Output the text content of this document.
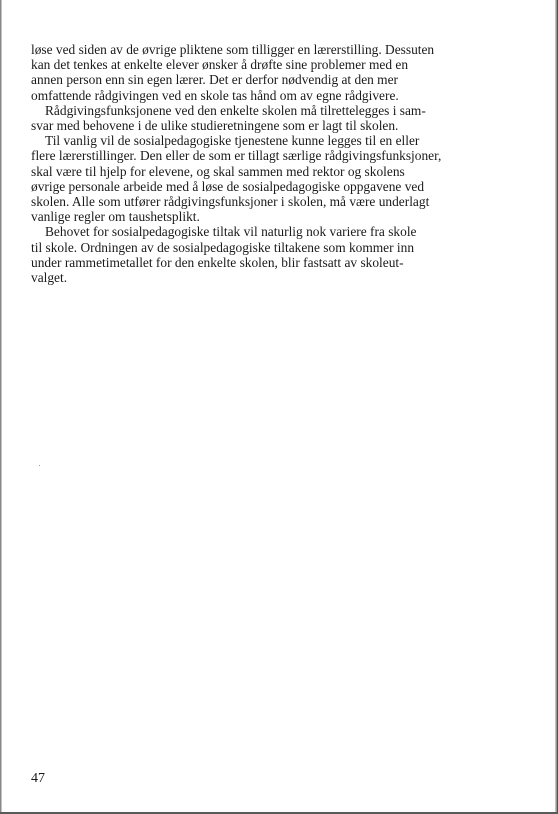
løse ved siden av de øvrige pliktene som tilligger en lærerstilling. Dessuten
kan det tenkes at enkelte elever ønsker å drøfte sine problemer med en
annen person enn sin egen lærer. Det er derfor nødvendig at den mer
omfattende rådgivingen ved en skole tas hånd om av egne rådgivere.
Rådgivingsfunksjonene ved den enkelte skolen må tilrettelegges i sam-
svar med behovene i de ulike studieretningene som er lagt til skolen.
Til vanlig vil de sosialpedagogiske tjenestene kunne legges til en eller
flere lærerstillinger. Den eller de som er tillagt særlige rådgivingsfunksjoner,
skal være til hjelp for elevene, og skal sammen med rektor og skolens
øvrige personale arbeide med å løse de sosialpedagogiske oppgavene ved
skolen. Alle som utfører rådgivingsfunksjoner i skolen, må være underlagt
vanlige regler om taushetsplikt.
Behovet for sosialpedagogiske tiltak vil naturlig nok variere fra skole
til skole. Ordningen av de sosialpedagogiske tiltakene som kommer inn
under rammetimetallet for den enkelte skolen, blir fastsatt av skoleut-
valget.
47
